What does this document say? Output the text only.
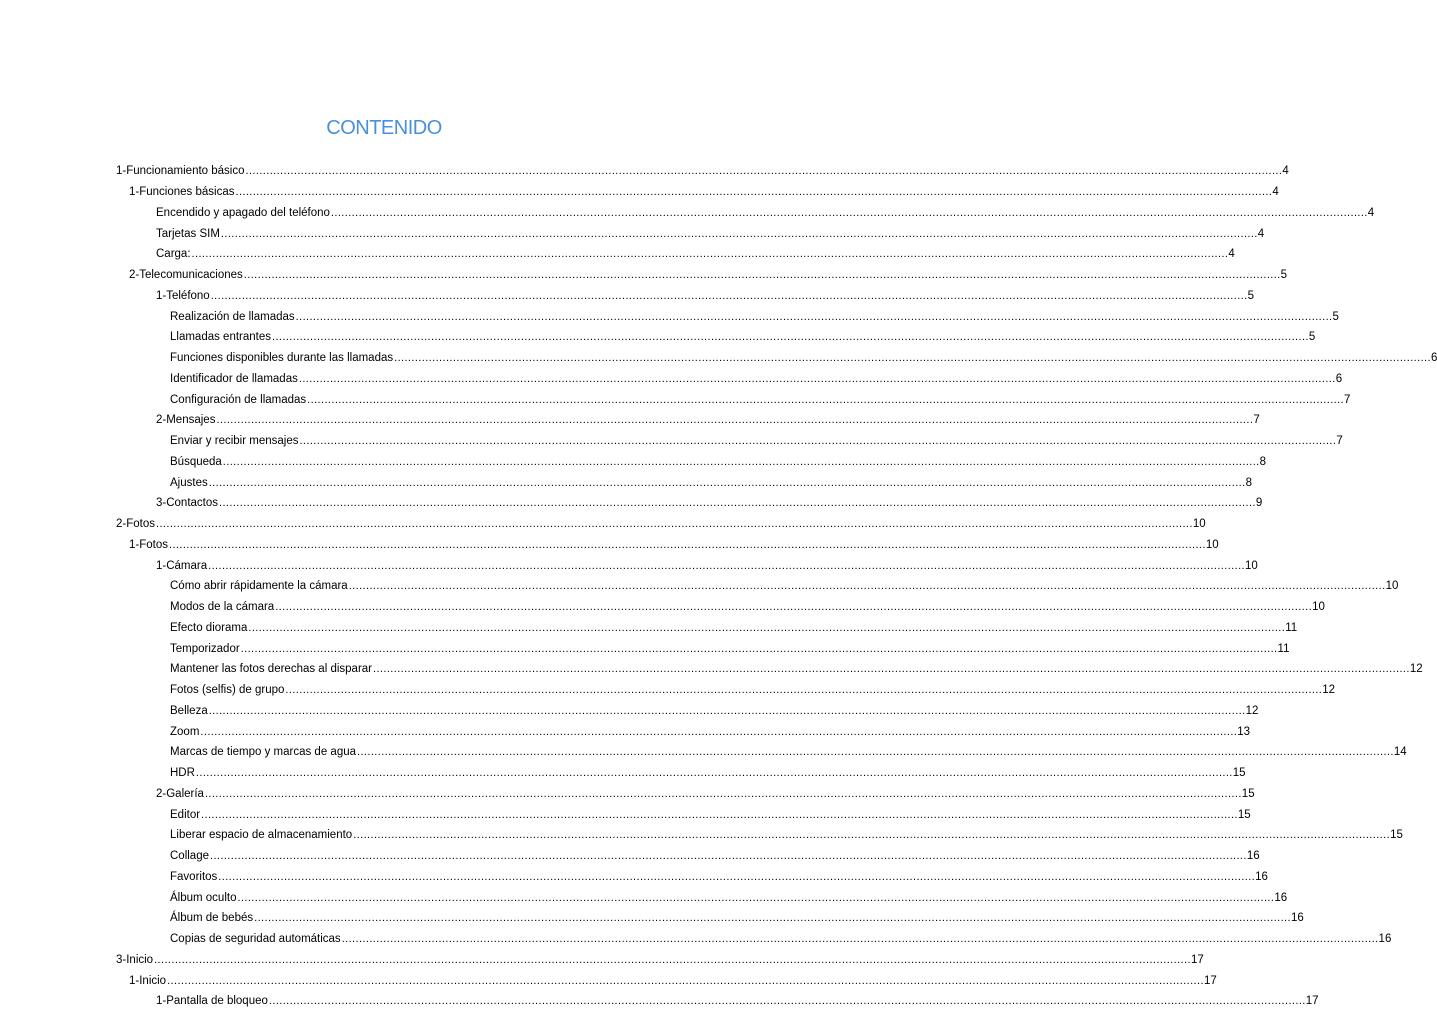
CONTENIDO
1-Funcionamiento básico ............................................................................................................................................................................................................................................................................................................ 4
1-Funciones básicas ............................................................................................................................................................................................................................................................................................................ 4
Encendido y apagado del teléfono ............................................................................................................................................................................................................................................................................................................ 4
Tarjetas SIM ............................................................................................................................................................................................................................................................................................................ 4
Carga: ............................................................................................................................................................................................................................................................................................................ 4
2-Telecomunicaciones ............................................................................................................................................................................................................................................................................................................ 5
1-Teléfono ............................................................................................................................................................................................................................................................................................................ 5
Realización de llamadas ............................................................................................................................................................................................................................................................................................................ 5
Llamadas entrantes ............................................................................................................................................................................................................................................................................................................ 5
Funciones disponibles durante las llamadas ............................................................................................................................................................................................................................................................................................................ 6
Identificador de llamadas ............................................................................................................................................................................................................................................................................................................ 6
Configuración de llamadas ............................................................................................................................................................................................................................................................................................................ 7
2-Mensajes ............................................................................................................................................................................................................................................................................................................ 7
Enviar y recibir mensajes ............................................................................................................................................................................................................................................................................................................ 7
Búsqueda ............................................................................................................................................................................................................................................................................................................ 8
Ajustes ............................................................................................................................................................................................................................................................................................................ 8
3-Contactos ............................................................................................................................................................................................................................................................................................................ 9
2-Fotos ............................................................................................................................................................................................................................................................................................................ 10
1-Fotos ............................................................................................................................................................................................................................................................................................................ 10
1-Cámara ............................................................................................................................................................................................................................................................................................................ 10
Cómo abrir rápidamente la cámara ............................................................................................................................................................................................................................................................................................................ 10
Modos de la cámara ............................................................................................................................................................................................................................................................................................................ 10
Efecto diorama ............................................................................................................................................................................................................................................................................................................ 11
Temporizador ............................................................................................................................................................................................................................................................................................................ 11
Mantener las fotos derechas al disparar ............................................................................................................................................................................................................................................................................................................ 12
Fotos (selfis) de grupo ............................................................................................................................................................................................................................................................................................................ 12
Belleza ............................................................................................................................................................................................................................................................................................................ 12
Zoom ............................................................................................................................................................................................................................................................................................................ 13
Marcas de tiempo y marcas de agua ............................................................................................................................................................................................................................................................................................................ 14
HDR ............................................................................................................................................................................................................................................................................................................ 15
2-Galería ............................................................................................................................................................................................................................................................................................................ 15
Editor ............................................................................................................................................................................................................................................................................................................ 15
Liberar espacio de almacenamiento ............................................................................................................................................................................................................................................................................................................ 15
Collage ............................................................................................................................................................................................................................................................................................................ 16
Favoritos ............................................................................................................................................................................................................................................................................................................ 16
Álbum oculto ............................................................................................................................................................................................................................................................................................................ 16
Álbum de bebés ............................................................................................................................................................................................................................................................................................................ 16
Copias de seguridad automáticas ............................................................................................................................................................................................................................................................................................................ 16
3-Inicio ............................................................................................................................................................................................................................................................................................................ 17
1-Inicio ............................................................................................................................................................................................................................................................................................................ 17
1-Pantalla de bloqueo ............................................................................................................................................................................................................................................................................................................ 17
